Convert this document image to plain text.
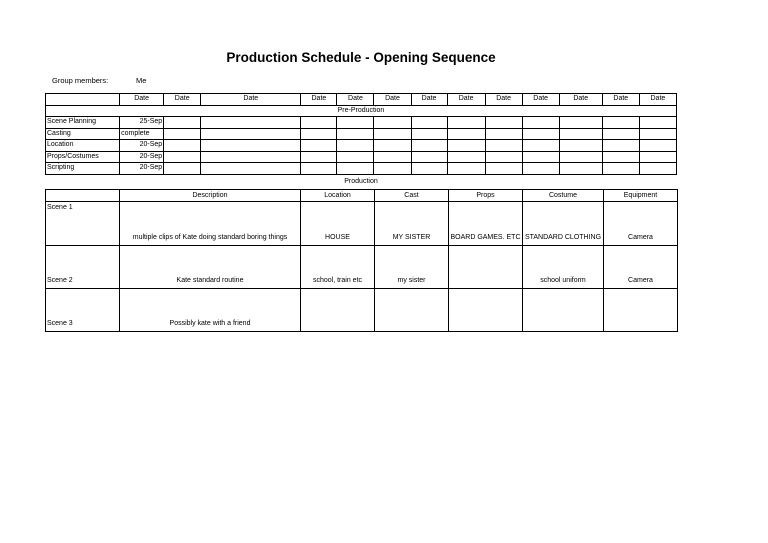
Production Schedule - Opening Sequence
Group members:	Me
	Date	Date	Date	Date	Date	Date	Date	Date	Date	Date	Date	Date	Date
Pre-Production													
Scene Planning	25-Sep												
Casting	complete												
Location	20-Sep												
Props/Costumes	20-Sep												
Scripting	20-Sep												
Production
	Description	Location	Cast	Props	Costume	Equipment
Scene 1	multiple clips of Kate doing standard boring things	HOUSE	MY SISTER	BOARD GAMES. ETC	STANDARD CLOTHING	Camera
Scene 2	Kate standard routine	school, train etc	my sister		school uniform	Camera
Scene 3	Possibly kate with a friend					
